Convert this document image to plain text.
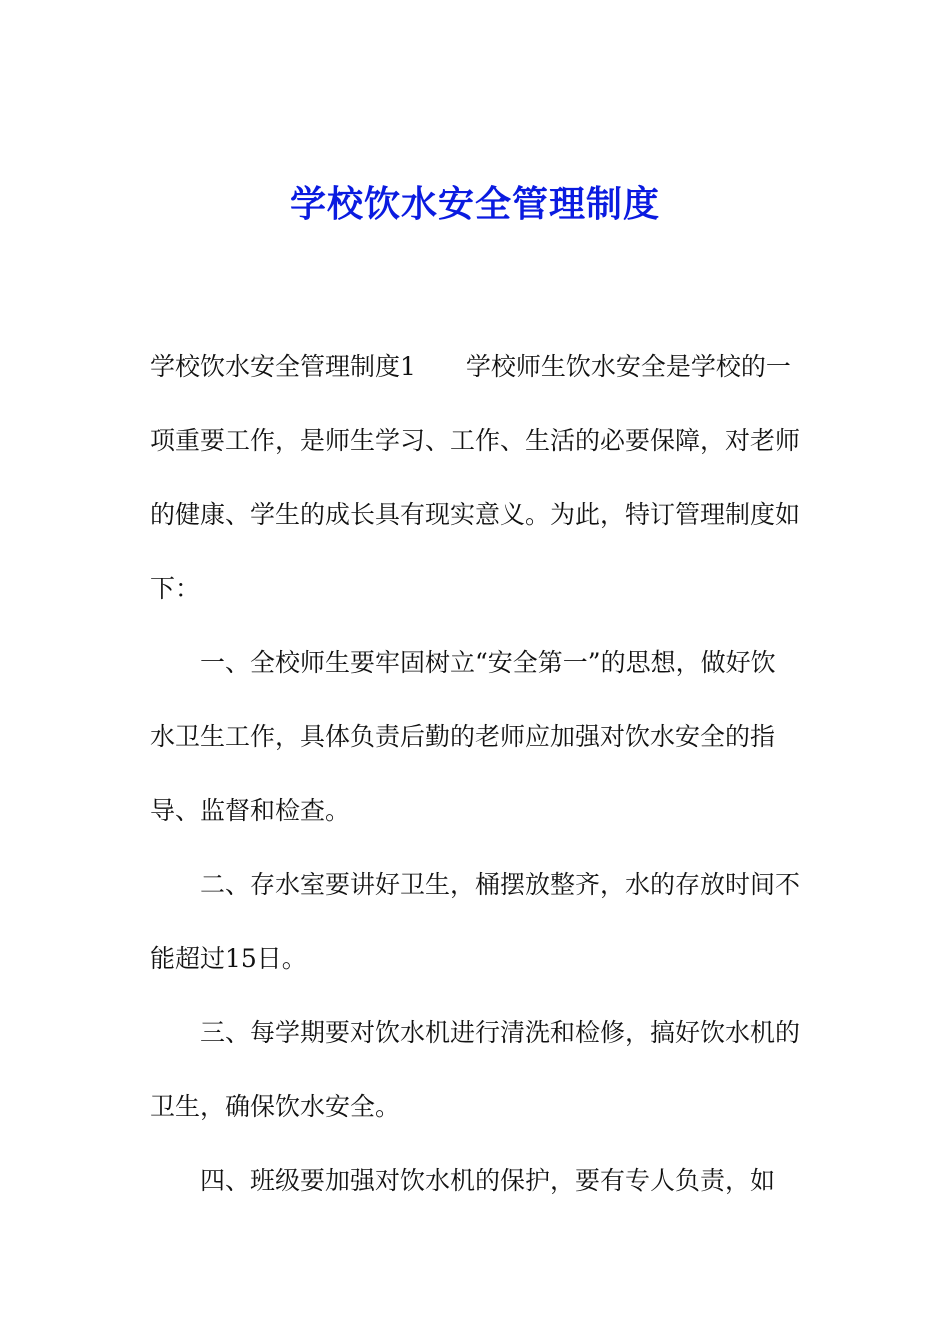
学校饮水安全管理制度

学校饮水安全管理制度1　　学校师生饮水安全是学校的一项重要工作，是师生学习、工作、生活的必要保障，对老师的健康、学生的成长具有现实意义。为此，特订管理制度如下：

一、全校师生要牢固树立“安全第一”的思想，做好饮水卫生工作，具体负责后勤的老师应加强对饮水安全的指导、监督和检查。

二、存水室要讲好卫生，桶摆放整齐，水的存放时间不能超过15日。

三、每学期要对饮水机进行清洗和检修，搞好饮水机的卫生，确保饮水安全。

四、班级要加强对饮水机的保护，要有专人负责，如
